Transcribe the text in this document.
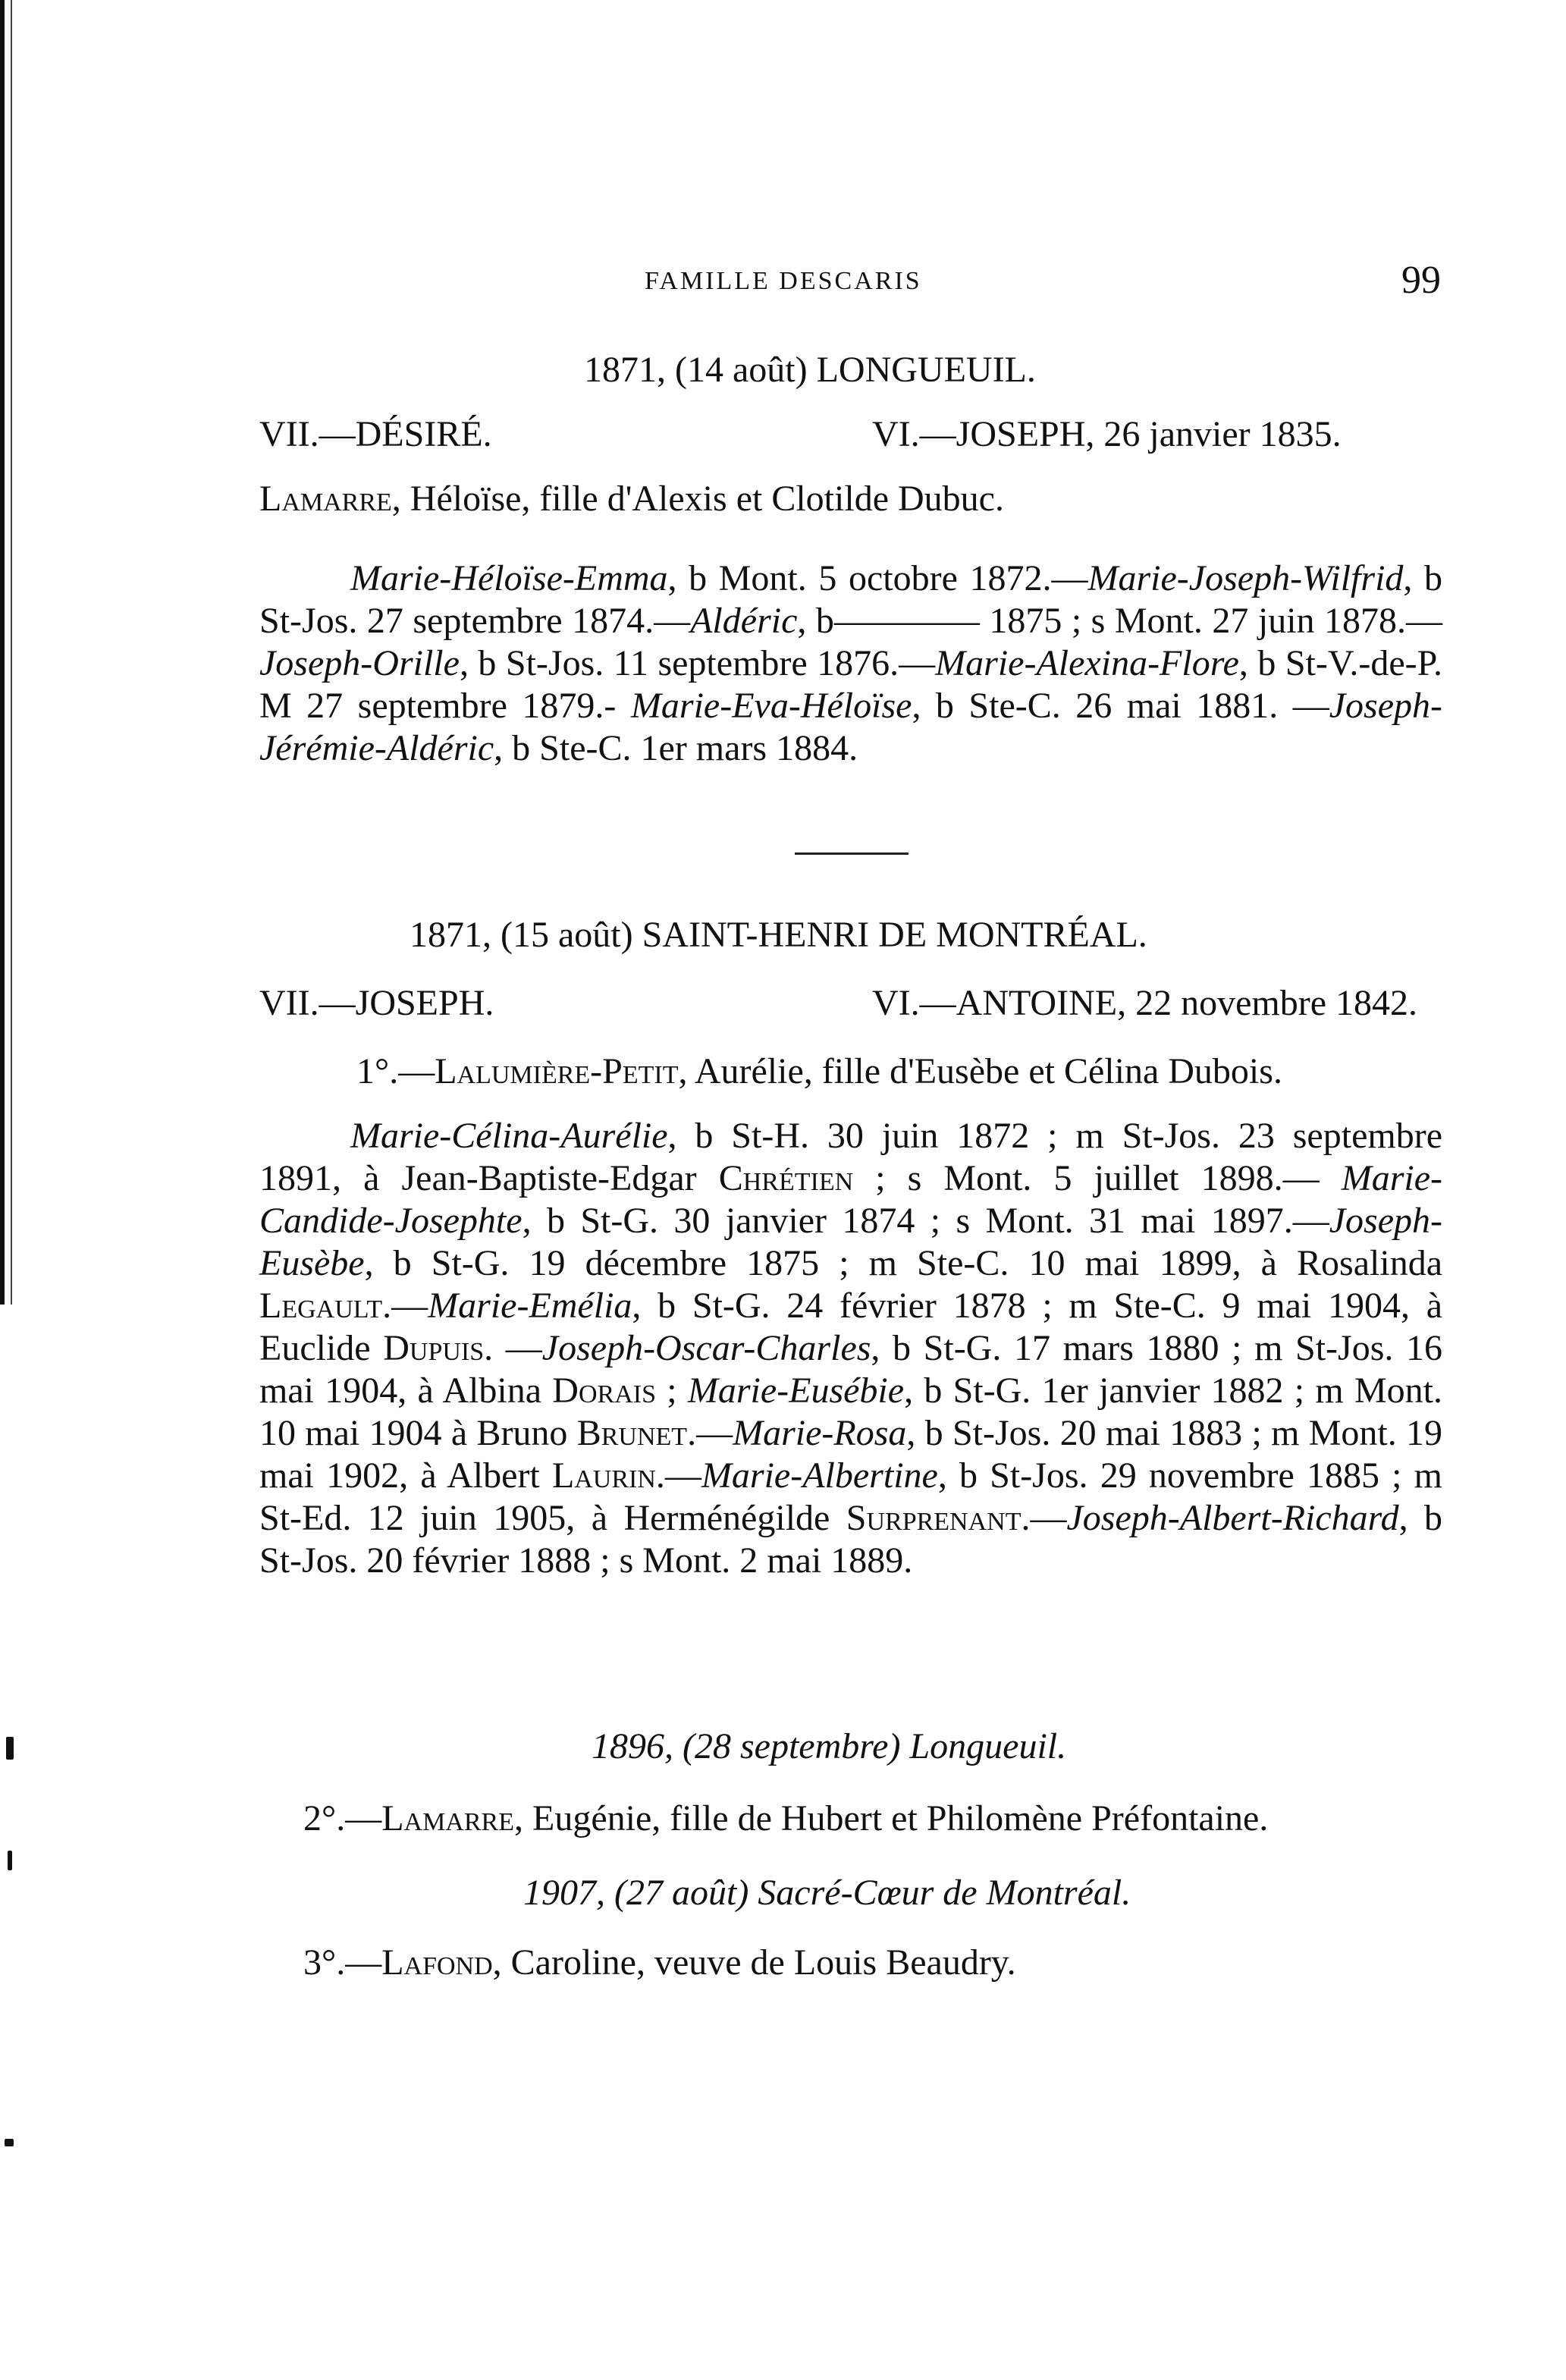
FAMILLE DESCARIS	99
1871, (14 août) LONGUEUIL.
VII.—DÉSIRÉ.	VI.—JOSEPH, 26 janvier 1835.
Lamarre, Héloïse, fille d'Alexis et Clotilde Dubuc.
Marie-Héloïse-Emma, b Mont. 5 octobre 1872.—Marie-Joseph-Wilfrid, b St-Jos. 27 septembre 1874.—Aldéric, b———— 1875 ; s Mont. 27 juin 1878.—Joseph-Orille, b St-Jos. 11 septembre 1876.—Marie-Alexina-Flore, b St-V.-de-P. M 27 septembre 1879.- Marie-Eva-Héloïse, b Ste-C. 26 mai 1881. —Joseph-Jérémie-Aldéric, b Ste-C. 1er mars 1884.
1871, (15 août) SAINT-HENRI DE MONTRÉAL.
VII.—JOSEPH.	VI.—ANTOINE, 22 novembre 1842.
1°.—Lalumière-Petit, Aurélie, fille d'Eusèbe et Célina Dubois.
Marie-Célina-Aurélie, b St-H. 30 juin 1872 ; m St-Jos. 23 septembre 1891, à Jean-Baptiste-Edgar Chrétien ; s Mont. 5 juillet 1898.— Marie-Candide-Josephte, b St-G. 30 janvier 1874 ; s Mont. 31 mai 1897.—Joseph-Eusèbe, b St-G. 19 décembre 1875 ; m Ste-C. 10 mai 1899, à Rosalinda Legault.—Marie-Emélia, b St-G. 24 février 1878 ; m Ste-C. 9 mai 1904, à Euclide Dupuis. —Joseph-Oscar-Charles, b St-G. 17 mars 1880 ; m St-Jos. 16 mai 1904, à Albina Dorais ; Marie-Eusébie, b St-G. 1er janvier 1882 ; m Mont. 10 mai 1904 à Bruno Brunet.—Marie-Rosa, b St-Jos. 20 mai 1883 ; m Mont. 19 mai 1902, à Albert Laurin.—Marie-Albertine, b St-Jos. 29 novembre 1885 ; m St-Ed. 12 juin 1905, à Herménégilde Surprenant.—Joseph-Albert-Richard, b St-Jos. 20 février 1888 ; s Mont. 2 mai 1889.
1896, (28 septembre) Longueuil.
2°.—Lamarre, Eugénie, fille de Hubert et Philomène Préfontaine.
1907, (27 août) Sacré-Cœur de Montréal.
3°.—Lafond, Caroline, veuve de Louis Beaudry.
